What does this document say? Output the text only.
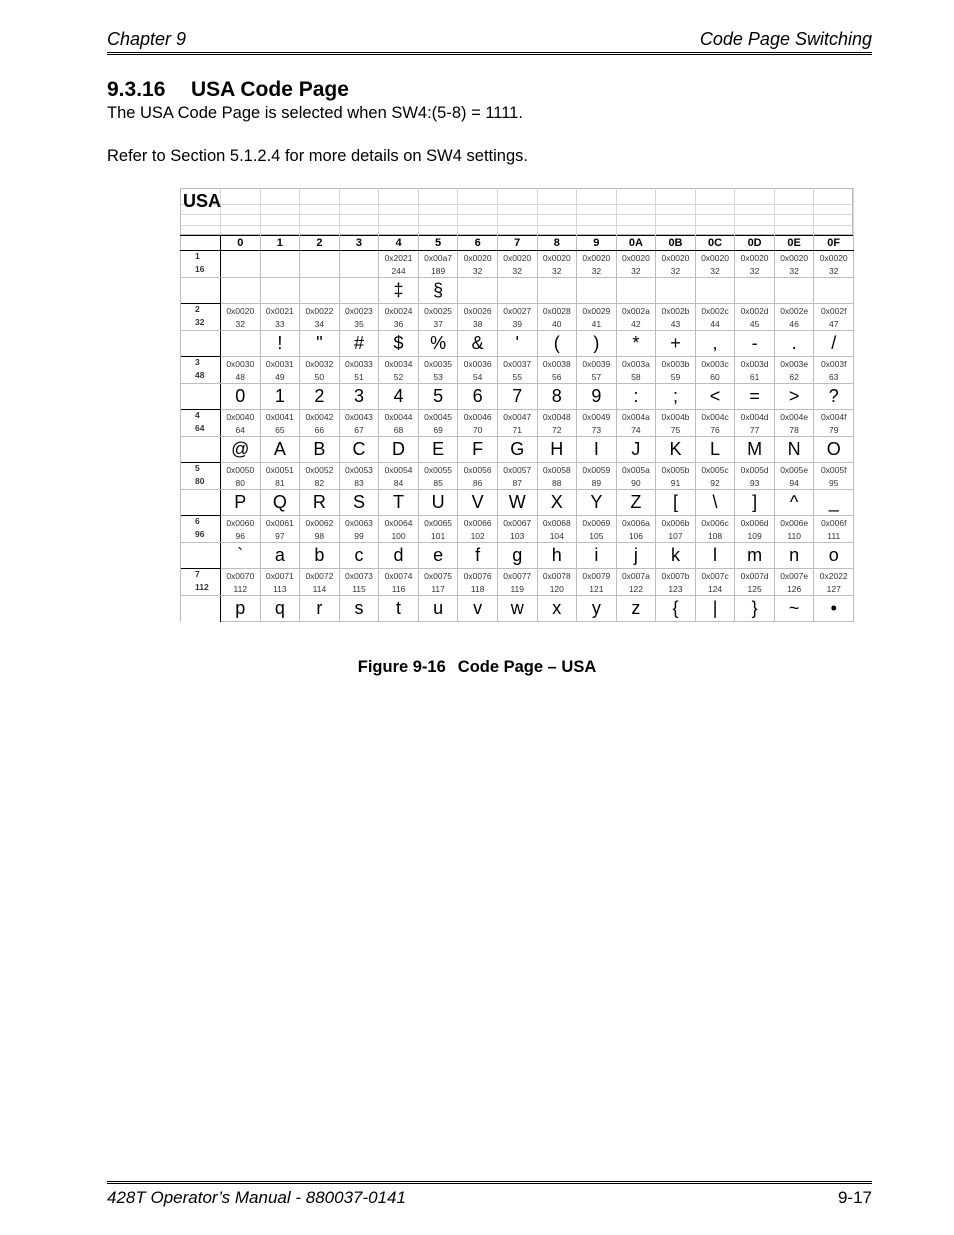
Chapter 9	Code Page Switching
9.3.16 USA Code Page

The USA Code Page is selected when SW4:(5-8) = 1111.

Refer to Section 5.1.2.4 for more details on SW4 settings.

USA
	0	1	2	3	4	5	6	7	8	9	0A	0B	0C	0D	0E	0F
1					0x2021	0x00a7	0x0020	0x0020	0x0020	0x0020	0x0020	0x0020	0x0020	0x0020	0x0020	0x0020
16					244	189	32	32	32	32	32	32	32	32	32	32
					‡	§										
2	0x0020	0x0021	0x0022	0x0023	0x0024	0x0025	0x0026	0x0027	0x0028	0x0029	0x002a	0x002b	0x002c	0x002d	0x002e	0x002f
32	32	33	34	35	36	37	38	39	40	41	42	43	44	45	46	47
		!	"	#	$	%	&	'	(	)	*	+	,	-	.	/
3	0x0030	0x0031	0x0032	0x0033	0x0034	0x0035	0x0036	0x0037	0x0038	0x0039	0x003a	0x003b	0x003c	0x003d	0x003e	0x003f
48	48	49	50	51	52	53	54	55	56	57	58	59	60	61	62	63
	0	1	2	3	4	5	6	7	8	9	:	;	<	=	>	?
4	0x0040	0x0041	0x0042	0x0043	0x0044	0x0045	0x0046	0x0047	0x0048	0x0049	0x004a	0x004b	0x004c	0x004d	0x004e	0x004f
64	64	65	66	67	68	69	70	71	72	73	74	75	76	77	78	79
	@	A	B	C	D	E	F	G	H	I	J	K	L	M	N	O
5	0x0050	0x0051	0x0052	0x0053	0x0054	0x0055	0x0056	0x0057	0x0058	0x0059	0x005a	0x005b	0x005c	0x005d	0x005e	0x005f
80	80	81	82	83	84	85	86	87	88	89	90	91	92	93	94	95
	P	Q	R	S	T	U	V	W	X	Y	Z	[	\	]	^	_
6	0x0060	0x0061	0x0062	0x0063	0x0064	0x0065	0x0066	0x0067	0x0068	0x0069	0x006a	0x006b	0x006c	0x006d	0x006e	0x006f
96	96	97	98	99	100	101	102	103	104	105	106	107	108	109	110	111
	`	a	b	c	d	e	f	g	h	i	j	k	l	m	n	o
7	0x0070	0x0071	0x0072	0x0073	0x0074	0x0075	0x0076	0x0077	0x0078	0x0079	0x007a	0x007b	0x007c	0x007d	0x007e	0x2022
112	112	113	114	115	116	117	118	119	120	121	122	123	124	125	126	127
	p	q	r	s	t	u	v	w	x	y	z	{	|	}	~	•
Figure 9-16 Code Page – USA
428T Operator’s Manual - 880037-0141	9-17
